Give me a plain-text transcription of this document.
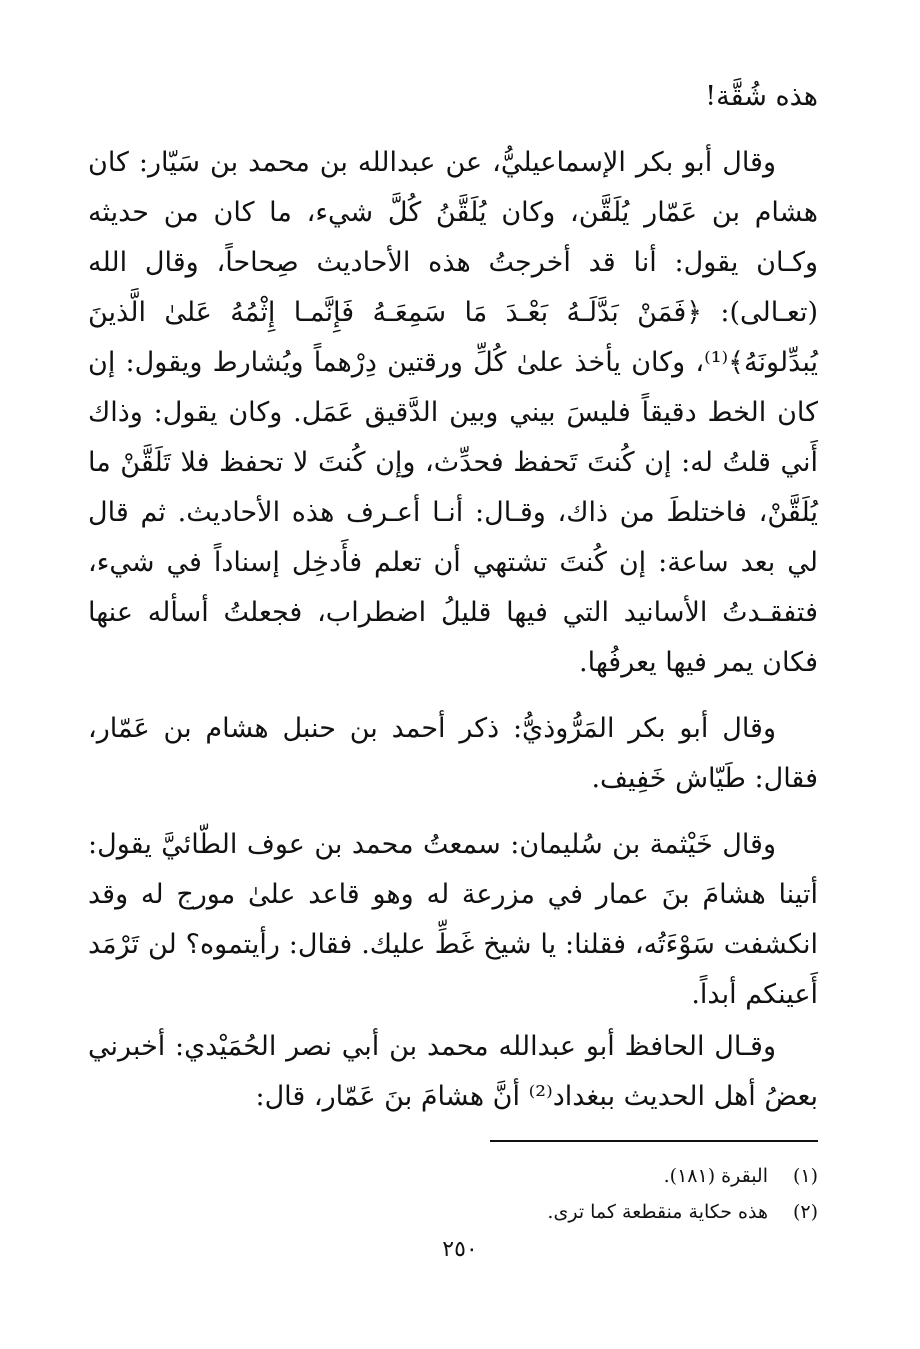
هذه شُقَّة!

وقال أبو بكر الإسماعيليُّ، عن عبدالله بن محمد بن سَيّار: كان هشام بن عَمّار يُلَقَّن، وكان يُلَقَّنُ كُلَّ شيء، ما كان من حديثه وكـان يقول: أنا قد أخرجتُ هذه الأحاديث صِحاحاً، وقال الله (تعـالى): ﴿فَمَنْ بَدَّلَـهُ بَعْـدَ مَا سَمِعَـهُ فَإِنَّمـا إِثْمُهُ عَلىٰ الَّذينَ يُبدِّلونَهُ﴾⁽¹⁾، وكان يأخذ علىٰ كُلِّ ورقتين دِرْهماً ويُشارط ويقول: إن كان الخط دقيقاً فليسَ بيني وبين الدَّقيق عَمَل. وكان يقول: وذاك أَني قلتُ له: إن كُنتَ تَحفظ فحدِّث، وإن كُنتَ لا تحفظ فلا تَلَقَّنْ ما يُلَقَّنْ، فاختلطَ من ذاك، وقـال: أنـا أعـرف هذه الأحاديث. ثم قال لي بعد ساعة: إن كُنتَ تشتهي أن تعلم فأَدخِل إسناداً في شيء، فتفقـدتُ الأسانيد التي فيها قليلُ اضطراب، فجعلتُ أسأله عنها فكان يمر فيها يعرفُها.

وقال أبو بكر المَرُّوذيُّ: ذكر أحمد بن حنبل هشام بن عَمّار، فقال: طَيّاش خَفِيف.

وقال خَيْثمة بن سُليمان: سمعتُ محمد بن عوف الطّائيَّ يقول: أتينا هشامَ بنَ عمار في مزرعة له وهو قاعد علىٰ مورج له وقد انكشفت سَوْءَتُه، فقلنا: يا شيخ غَطِّ عليك. فقال: رأيتموه؟ لن تَرْمَد أَعينكم أبداً.

وقـال الحافظ أبو عبدالله محمد بن أبي نصر الحُمَيْدي: أخبرني بعضُ أهل الحديث ببغداد⁽²⁾ أنَّ هشامَ بنَ عَمّار، قال:

(١)
البقرة (١٨١).
(٢)
هذه حكاية منقطعة كما ترى.
٢٥٠
